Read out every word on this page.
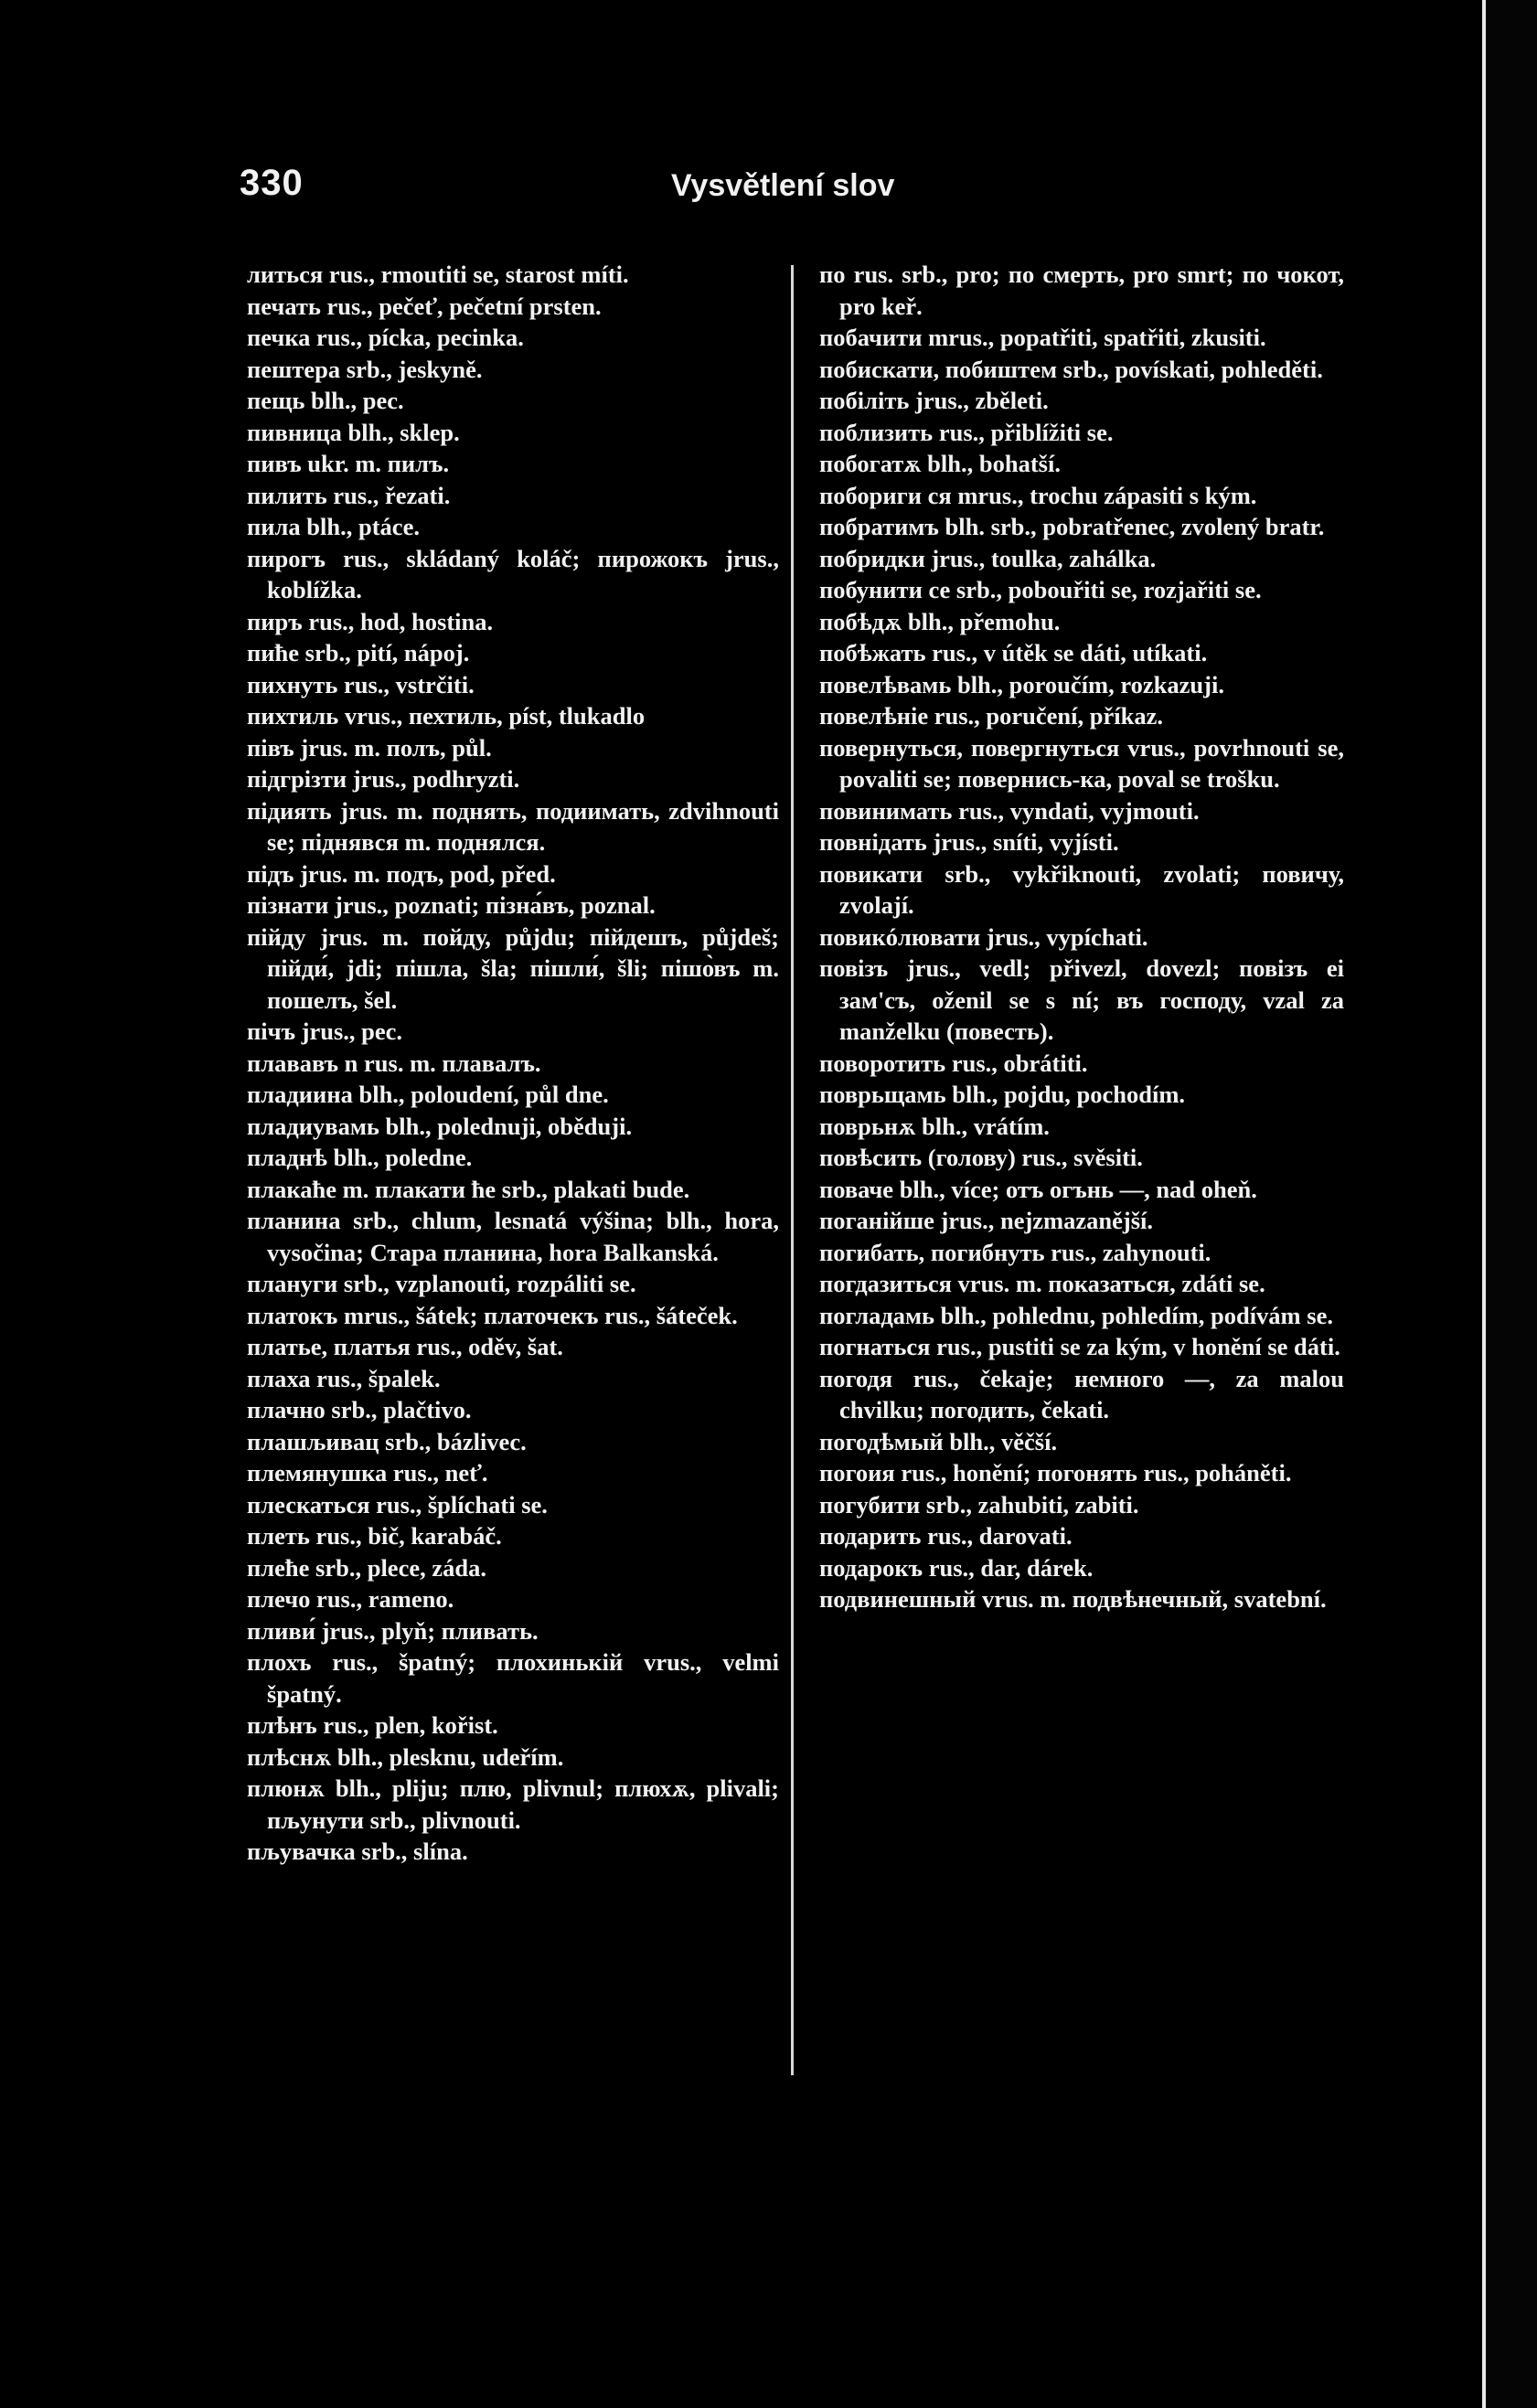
330	Vysvětlení slov
литься rus., rmoutiti se, starost míti.
печать rus., pečeť, pečetní prsten.
печка rus., pícka, pecinka.
пештера srb., jeskyně.
пещь blh., pec.
пивница blh., sklep.
пивъ ukr. m. пилъ.
пилить rus., řezati.
пила blh., ptáce.
пирогъ rus., skládaný koláč; пирожокъ jrus., koblížka.
пиръ rus., hod, hostina.
пиће srb., pití, nápoj.
пихнуть rus., vstrčiti.
пихтиль vrus., пехтиль, píst, tlukadlo
півъ jrus. m. полъ, půl.
підгрізти jrus., podhryzti.
підиять jrus. m. поднять, подиимать, zdvihnouti se; піднявся m. поднялся.
підъ jrus. m. подъ, pod, před.
пізнати jrus., poznati; пізна́въ, poznal.
пійду jrus. m. пойду, půjdu; пійдешъ, půjdeš; пійди́, jdi; пішла, šla; пішли́, šli; пішо̀въ m. пошелъ, šel.
пічъ jrus., pec.
плававъ n rus. m. плавалъ.
пладиина blh., poloudení, půl dne.
пладиувамь blh., polednuji, oběduji.
пладнѣ blh., poledne.
плакаће m. плакати ће srb., plakati bude.
планина srb., chlum, lesnatá výšina; blh., hora, vysočina; Стара планина, hora Balkanská.
плануги srb., vzplanouti, rozpáliti se.
платокъ mrus., šátek; платочекъ rus., šáteček.
платье, платья rus., oděv, šat.
плаха rus., špalek.
плачно srb., plačtivo.
плашљивац srb., bázlivec.
племянушка rus., neť.
плескаться rus., šplíchati se.
плеть rus., bič, karabáč.
плеће srb., plece, záda.
плечо rus., rameno.
пливи́ jrus., plyň; пливать.
плохъ rus., špatný; плохинькій vrus., velmi špatný.
плѣнъ rus., plen, kořist.
плѣснѫ blh., plesknu, udeřím.
плюнѫ blh., pliju; плю, plivnul; плюхѫ, plivali; пљунути srb., plivnouti.
пљувачка srb., slína.
по rus. srb., pro; по смерть, pro smrt; по чокот, pro keř.
побачити mrus., popatřiti, spatřiti, zkusiti.
побискати, побиштем srb., povískati, pohleděti.
побіліть jrus., zběleti.
поблизить rus., přiblížiti se.
побогатѫ blh., bohatší.
побориги ся mrus., trochu zápasiti s kým.
побратимъ blh. srb., pobratřenec, zvolený bratr.
побридки jrus., toulka, zahálka.
побунити се srb., pobouřiti se, rozjařiti se.
побѣдѫ blh., přemohu.
побѣжать rus., v útěk se dáti, utíkati.
повелѣвамь blh., poroučím, rozkazuji.
повелѣніе rus., poručení, příkaz.
повернуться, повергнуться vrus., povrhnouti se, povaliti se; повернись-ка, poval se trošku.
повинимать rus., vyndati, vyjmouti.
повнідать jrus., sníti, vyjísti.
повикати srb., vykřiknouti, zvolati; повичу, zvolají.
повикóлювати jrus., vypíchati.
повізъ jrus., vedl; přivezl, dovezl; повізъ ei зам'съ, oženil se s ní; въ господу, vzal za manželku (повесть).
поворотить rus., obrátiti.
поврьщамь blh., pojdu, pochodím.
поврьнѫ blh., vrátím.
повѣсить (голову) rus., svěsiti.
поваче blh., více; отъ огънь —, nad oheň.
поганійше jrus., nejzmazanější.
погибать, погибнуть rus., zahynouti.
погдазиться vrus. m. показаться, zdáti se.
погладамь blh., pohlednu, pohledím, podívám se.
погнаться rus., pustiti se za kým, v honění se dáti.
погодя rus., čekaje; немного —, za malou chvilku; погодить, čekati.
погодѣмый blh., věčší.
погоия rus., honění; погонять rus., poháněti.
погубити srb., zahubiti, zabiti.
подарить rus., darovati.
подарокъ rus., dar, dárek.
подвинешный vrus. m. подвѣнечный, svatební.
